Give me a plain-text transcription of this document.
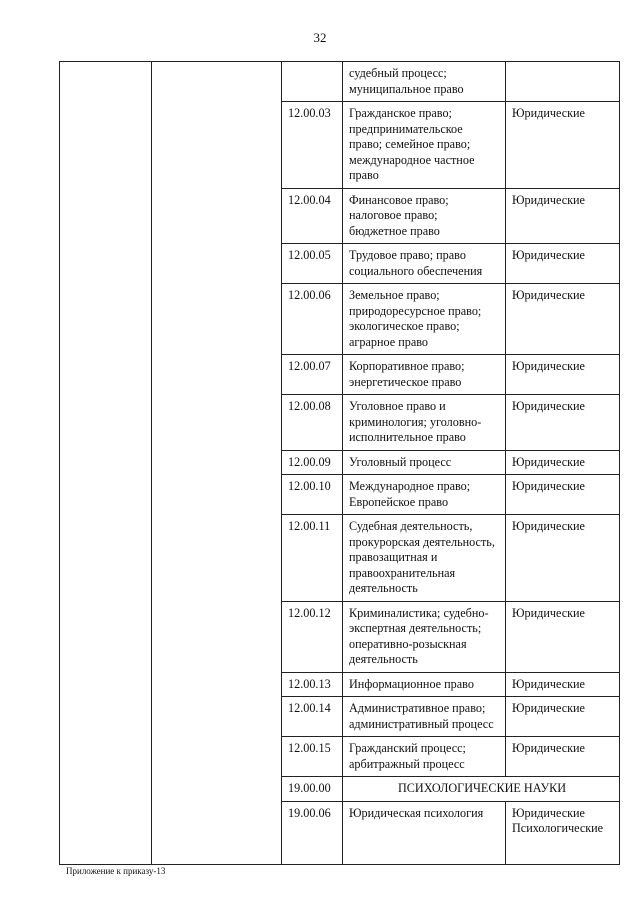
32
			судебный процесс;
муниципальное право	
		12.00.03	Гражданское право;
предпринимательское
право; семейное право;
международное частное
право	Юридические
		12.00.04	Финансовое право;
налоговое право;
бюджетное право	Юридические
		12.00.05	Трудовое право; право
социального обеспечения	Юридические
		12.00.06	Земельное право;
природоресурсное право;
экологическое право;
аграрное право	Юридические
		12.00.07	Корпоративное право;
энергетическое право	Юридические
		12.00.08	Уголовное право и
криминология; уголовно-
исполнительное право	Юридические
		12.00.09	Уголовный процесс	Юридические
		12.00.10	Международное право;
Европейское право	Юридические
		12.00.11	Судебная деятельность,
прокурорская деятельность,
правозащитная и
правоохранительная
деятельность	Юридические
		12.00.12	Криминалистика; судебно-
экспертная деятельность;
оперативно-розыскная
деятельность	Юридические
		12.00.13	Информационное право	Юридические
		12.00.14	Административное право;
административный процесс	Юридические
		12.00.15	Гражданский процесс;
арбитражный процесс	Юридические
		19.00.00	ПСИХОЛОГИЧЕСКИЕ НАУКИ	
		19.00.06	Юридическая психология	Юридические
Психологические
Приложение к приказу-13
